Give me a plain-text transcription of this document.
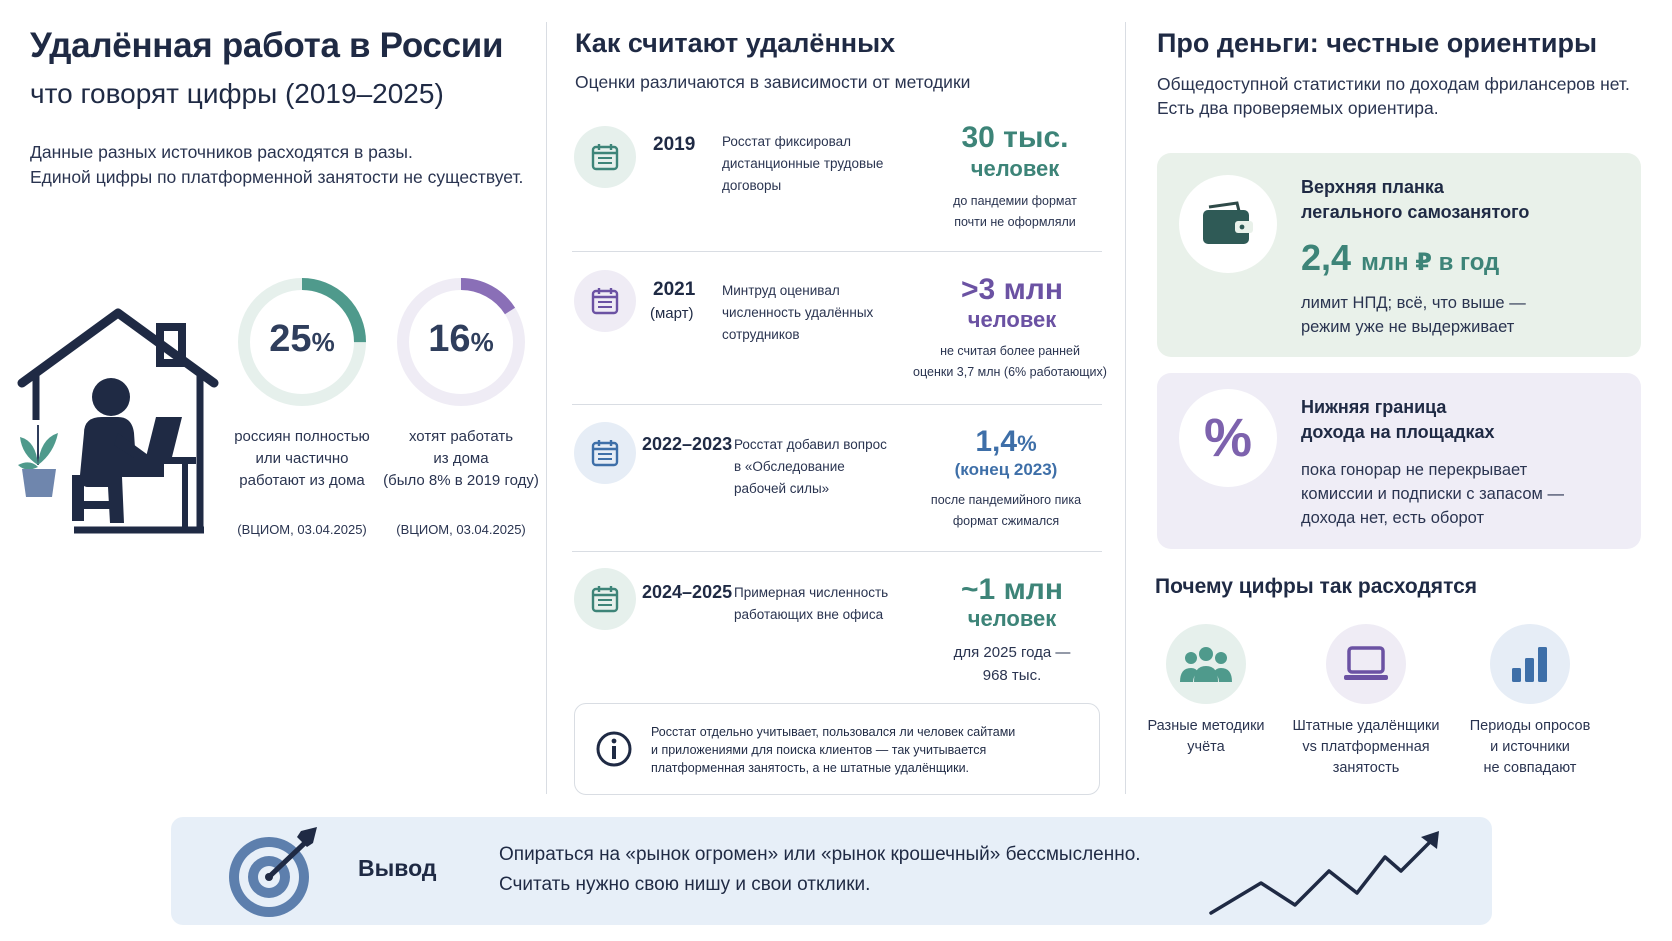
Удалённая работа в России
что говорят цифры (2019–2025)
Данные разных источников расходятся в разы.
Единой цифры по платформенной занятости не существует.
25%
россиян полностью
или частично
работают из дома
(ВЦИОМ, 03.04.2025)
16%
хотят работать
из дома
(было 8% в 2019 году)
(ВЦИОМ, 03.04.2025)
Как считают удалённых
Оценки различаются в зависимости от методики
2019 Росстат фиксировал
дистанционные трудовые
договоры
30 тыс.
человек
до пандемии формат
почти не оформляли
2021
(март)
Минтруд оценивал
численность удалённых
сотрудников
>3 млн
человек
не считая более ранней
оценки 3,7 млн (6% работающих)
2022–2023 Росстат добавил вопрос
в «Обследование
рабочей силы»
1,4%
(конец 2023)
после пандемийного пика
формат сжимался
2024–2025 Примерная численность
работающих вне офиса
~1 млн
человек
для 2025 года —
968 тыс.
Росстат отдельно учитывает, пользовался ли человек сайтами
и приложениями для поиска клиентов — так учитывается
платформенная занятость, а не штатные удалёнщики.
Про деньги: честные ориентиры
Общедоступной статистики по доходам фрилансеров нет.
Есть два проверяемых ориентира.
Верхняя планка
легального самозанятого
2,4 млн ₽ в год
лимит НПД; всё, что выше —
режим уже не выдерживает
%
Нижняя граница
дохода на площадках
пока гонорар не перекрывает
комиссии и подписки с запасом —
дохода нет, есть оборот
Почему цифры так расходятся
Разные методики
учёта
Штатные удалёнщики
vs платформенная
занятость
Периоды опросов
и источники
не совпадают
Вывод
Опираться на «рынок огромен» или «рынок крошечный» бессмысленно.
Считать нужно свою нишу и свои отклики.
